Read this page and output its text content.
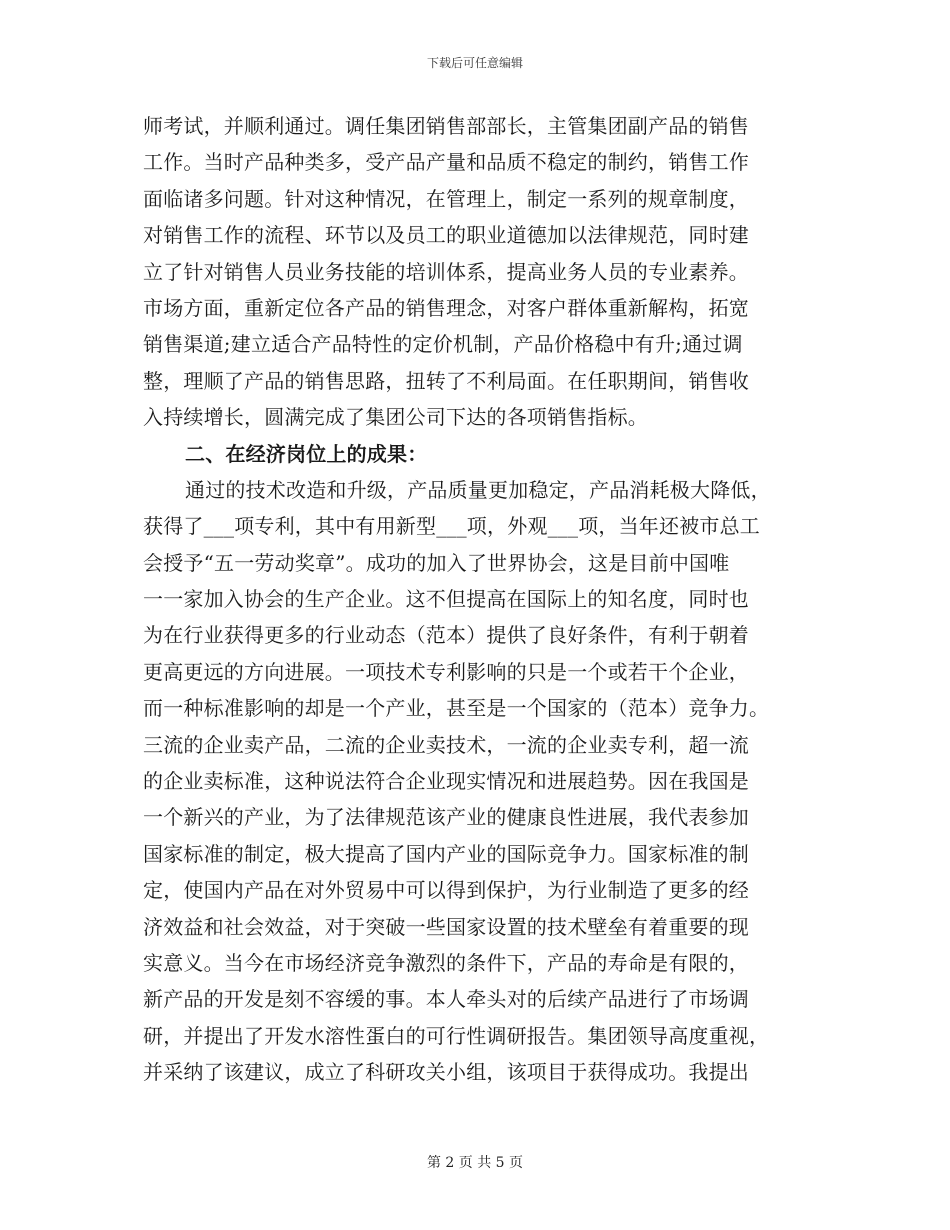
下载后可任意编辑
师考试，并顺利通过。调任集团销售部部长，主管集团副产品的销售
工作。当时产品种类多，受产品产量和品质不稳定的制约，销售工作
面临诸多问题。针对这种情况，在管理上，制定一系列的规章制度，
对销售工作的流程、环节以及员工的职业道德加以法律规范，同时建
立了针对销售人员业务技能的培训体系，提高业务人员的专业素养。
市场方面，重新定位各产品的销售理念，对客户群体重新解构，拓宽
销售渠道;建立适合产品特性的定价机制，产品价格稳中有升;通过调
整，理顺了产品的销售思路，扭转了不利局面。在任职期间，销售收
入持续增长，圆满完成了集团公司下达的各项销售指标。
二、在经济岗位上的成果：
通过的技术改造和升级，产品质量更加稳定，产品消耗极大降低，
获得了___项专利，其中有用新型___项，外观___项，当年还被市总工
会授予“五一劳动奖章”。成功的加入了世界协会，这是目前中国唯
一一家加入协会的生产企业。这不但提高在国际上的知名度，同时也
为在行业获得更多的行业动态（范本）提供了良好条件，有利于朝着
更高更远的方向进展。一项技术专利影响的只是一个或若干个企业，
而一种标准影响的却是一个产业，甚至是一个国家的（范本）竞争力。
三流的企业卖产品，二流的企业卖技术，一流的企业卖专利，超一流
的企业卖标准，这种说法符合企业现实情况和进展趋势。因在我国是
一个新兴的产业，为了法律规范该产业的健康良性进展，我代表参加
国家标准的制定，极大提高了国内产业的国际竞争力。国家标准的制
定，使国内产品在对外贸易中可以得到保护，为行业制造了更多的经
济效益和社会效益，对于突破一些国家设置的技术壁垒有着重要的现
实意义。当今在市场经济竞争激烈的条件下，产品的寿命是有限的，
新产品的开发是刻不容缓的事。本人牵头对的后续产品进行了市场调
研，并提出了开发水溶性蛋白的可行性调研报告。集团领导高度重视，
并采纳了该建议，成立了科研攻关小组，该项目于获得成功。我提出
第 2 页 共 5 页
